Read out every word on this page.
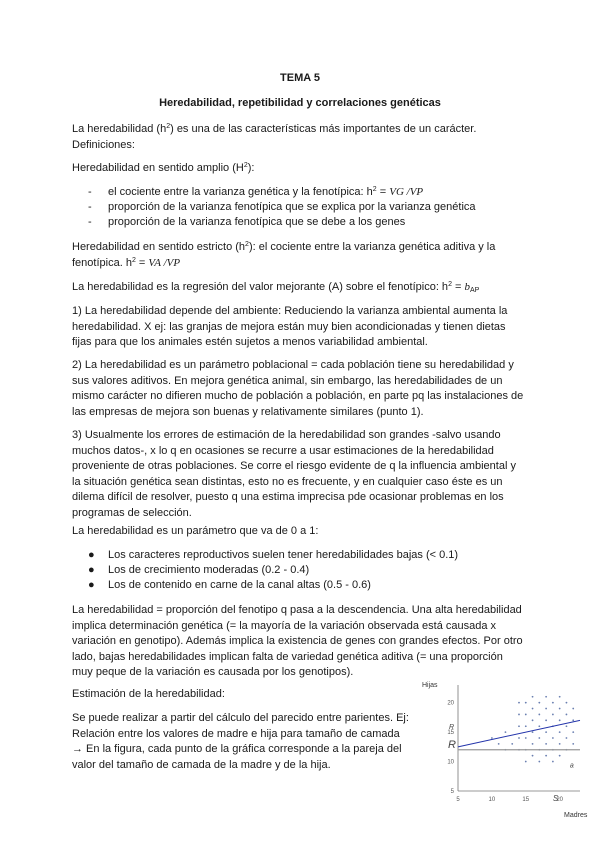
TEMA 5

Heredabilidad, repetibilidad y correlaciones genéticas

La heredabilidad $(h^2)$ es una de las características más importantes de un carácter. Definiciones:

Heredabilidad en sentido amplio $(H^2)$:

-	el cociente entre la varianza genética y la fenotípica: $h^2$ = VG /VP
-	proporción de la varianza fenotípica que se explica por la varianza genética
-	proporción de la varianza fenotípica que se debe a los genes

Heredabilidad en sentido estricto $(h^2)$: el cociente entre la varianza genética aditiva y la fenotípica. $h^2$ = VA /VP

La heredabilidad es la regresión del valor mejorante (A) sobre el fenotípico: $h^2 = b_{AP}$

1) La heredabilidad depende del ambiente: Reduciendo la varianza ambiental aumenta la heredabilidad. X ej: las granjas de mejora están muy bien acondicionadas y tienen dietas fijas para que los animales estén sujetos a menos variabilidad ambiental.

2) La heredabilidad es un parámetro poblacional = cada población tiene su heredabilidad y sus valores aditivos. En mejora genética animal, sin embargo, las heredabilidades de un mismo carácter no difieren mucho de población a población, en parte pq las instalaciones de las empresas de mejora son buenas y relativamente similares (punto 1).

3) Usualmente los errores de estimación de la heredabilidad son grandes -salvo usando muchos datos-, x lo q en ocasiones se recurre a usar estimaciones de la heredabilidad proveniente de otras poblaciones. Se corre el riesgo evidente de q la influencia ambiental y la situación genética sean distintas, esto no es frecuente, y en cualquier caso éste es un dilema difícil de resolver, puesto q una estima imprecisa pde ocasionar problemas en los programas de selección.

La heredabilidad es un parámetro que va de 0 a 1:

●	Los caracteres reproductivos suelen tener heredabilidades bajas (< 0.1)
●	Los de crecimiento moderadas (0.2 - 0.4)
●	Los de contenido en carne de la canal altas (0.5 - 0.6)

La heredabilidad = proporción del fenotipo q pasa a la descendencia. Una alta heredabilidad implica determinación genética (= la mayoría de la variación observada está causada x variación en genotipo). Además implica la existencia de genes con grandes efectos. Por otro lado, bajas heredabilidades implican falta de variedad genética aditiva (= una proporción muy peque de la variación es causada por los genotipos).

Estimación de la heredabilidad:

Se puede realizar a partir del cálculo del parecido entre parientes. Ej: Relación entre los valores de madre e hija para tamaño de camada → En la figura, cada punto de la gráfica corresponde a la pareja del valor del tamaño de camada de la madre y de la hija.

Hijas
Madres
5	10	15	20
5
10
15
20
R
S
a
R
